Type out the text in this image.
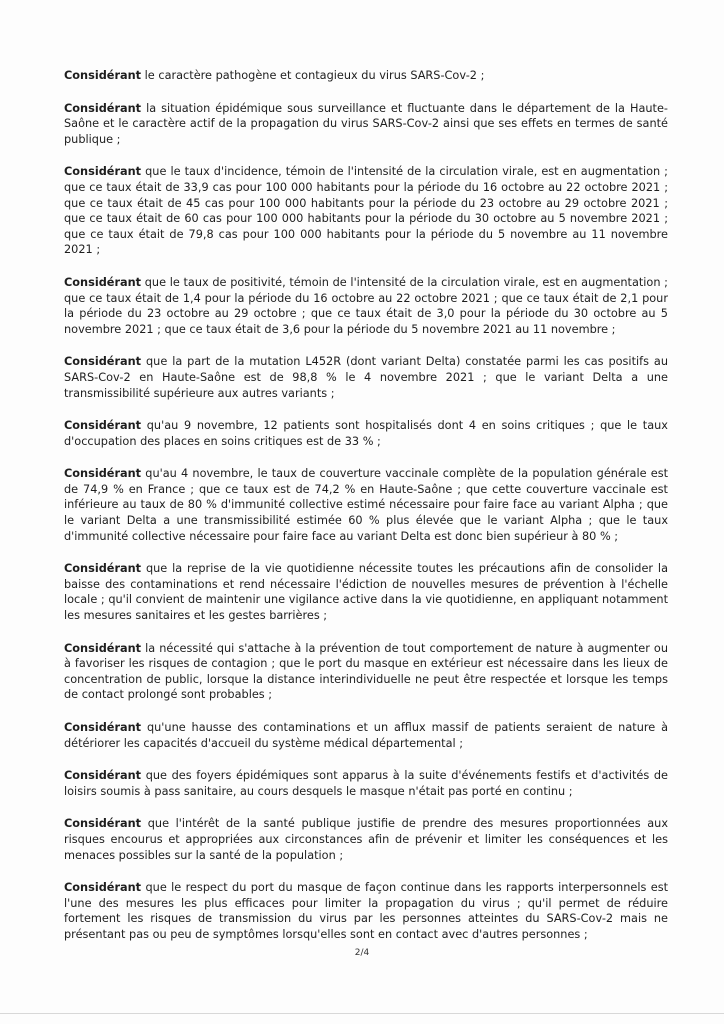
Considérant le caractère pathogène et contagieux du virus SARS-Cov-2 ;

Considérant la situation épidémique sous surveillance et fluctuante dans le département de la Haute-Saône et le caractère actif de la propagation du virus SARS-Cov-2 ainsi que ses effets en termes de santé publique ;

Considérant que le taux d'incidence, témoin de l'intensité de la circulation virale, est en augmentation ; que ce taux était de 33,9 cas pour 100 000 habitants pour la période du 16 octobre au 22 octobre 2021 ; que ce taux était de 45 cas pour 100 000 habitants pour la période du 23 octobre au 29 octobre 2021 ; que ce taux était de 60 cas pour 100 000 habitants pour la période du 30 octobre au 5 novembre 2021 ; que ce taux était de 79,8 cas pour 100 000 habitants pour la période du 5 novembre au 11 novembre 2021 ;

Considérant que le taux de positivité, témoin de l'intensité de la circulation virale, est en augmentation ; que ce taux était de 1,4 pour la période du 16 octobre au 22 octobre 2021 ; que ce taux était de 2,1 pour la période du 23 octobre au 29 octobre ; que ce taux était de 3,0 pour la période du 30 octobre au 5 novembre 2021 ; que ce taux était de 3,6 pour la période du 5 novembre 2021 au 11 novembre ;

Considérant que la part de la mutation L452R (dont variant Delta) constatée parmi les cas positifs au SARS-Cov-2 en Haute-Saône est de 98,8 % le 4 novembre 2021 ; que le variant Delta a une transmissibilité supérieure aux autres variants ;

Considérant qu'au 9 novembre, 12 patients sont hospitalisés dont 4 en soins critiques ; que le taux d'occupation des places en soins critiques est de 33 % ;

Considérant qu'au 4 novembre, le taux de couverture vaccinale complète de la population générale est de 74,9 % en France ; que ce taux est de 74,2 % en Haute-Saône ; que cette couverture vaccinale est inférieure au taux de 80 % d'immunité collective estimé nécessaire pour faire face au variant Alpha ; que le variant Delta a une transmissibilité estimée 60 % plus élevée que le variant Alpha ; que le taux d'immunité collective nécessaire pour faire face au variant Delta est donc bien supérieur à 80 % ;

Considérant que la reprise de la vie quotidienne nécessite toutes les précautions afin de consolider la baisse des contaminations et rend nécessaire l'édiction de nouvelles mesures de prévention à l'échelle locale ; qu'il convient de maintenir une vigilance active dans la vie quotidienne, en appliquant notamment les mesures sanitaires et les gestes barrières ;

Considérant la nécessité qui s'attache à la prévention de tout comportement de nature à augmenter ou à favoriser les risques de contagion ; que le port du masque en extérieur est nécessaire dans les lieux de concentration de public, lorsque la distance interindividuelle ne peut être respectée et lorsque les temps de contact prolongé sont probables ;

Considérant qu'une hausse des contaminations et un afflux massif de patients seraient de nature à détériorer les capacités d'accueil du système médical départemental ;

Considérant que des foyers épidémiques sont apparus à la suite d'événements festifs et d'activités de loisirs soumis à pass sanitaire, au cours desquels le masque n'était pas porté en continu ;

Considérant que l'intérêt de la santé publique justifie de prendre des mesures proportionnées aux risques encourus et appropriées aux circonstances afin de prévenir et limiter les conséquences et les menaces possibles sur la santé de la population ;

Considérant que le respect du port du masque de façon continue dans les rapports interpersonnels est l'une des mesures les plus efficaces pour limiter la propagation du virus ; qu'il permet de réduire fortement les risques de transmission du virus par les personnes atteintes du SARS-Cov-2 mais ne présentant pas ou peu de symptômes lorsqu'elles sont en contact avec d'autres personnes ;

2/4
